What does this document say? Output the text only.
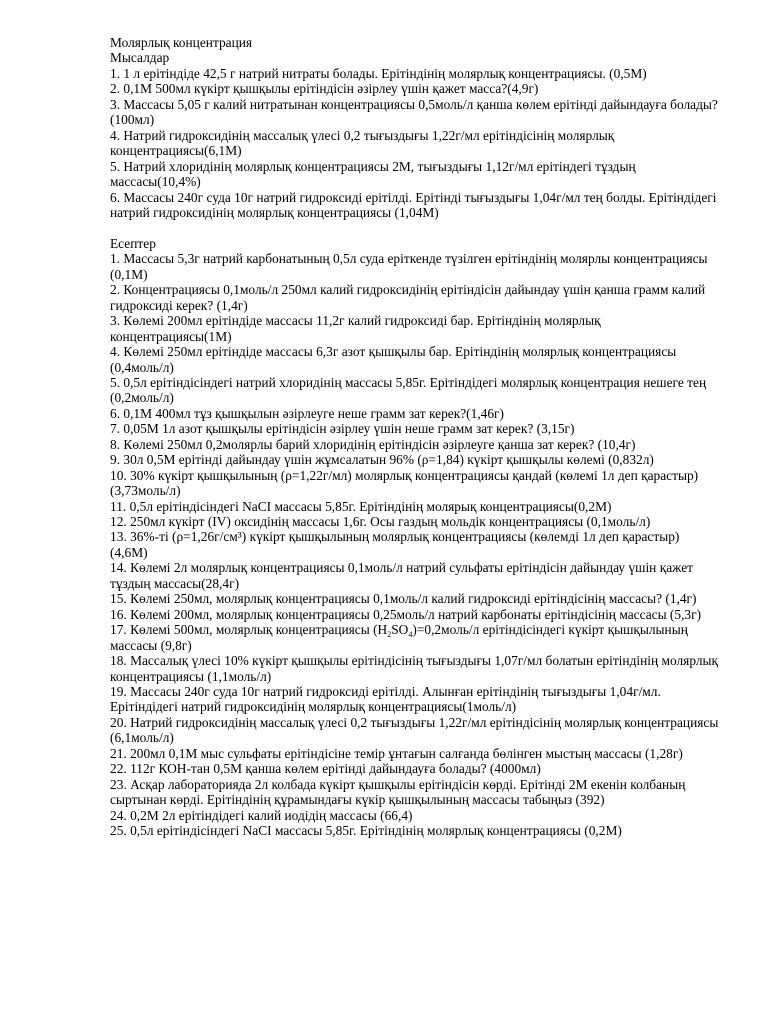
Молярлық концентрация

Мысалдар

1. 1 л ерітіндіде 42,5 г натрий нитраты болады. Ерітіндінің молярлық концентрациясы. (0,5М)

2. 0,1М 500мл күкірт қышқылы ерітіндісін әзірлеу үшін қажет масса?(4,9г)

3. Массасы 5,05 г калий нитратынан концентрациясы 0,5моль/л қанша көлем ерітінді дайындауға болады?(100мл)

4. Натрий гидроксидінің массалық үлесі 0,2 тығыздығы 1,22г/мл ерітіндісінің молярлық концентрациясы(6,1М)

5. Натрий хлоридінің молярлық концентрациясы 2М, тығыздығы 1,12г/мл ерітіндегі тұздың массасы(10,4%)

6. Массасы 240г суда 10г натрий гидроксиді ерітілді. Ерітінді тығыздығы 1,04г/мл тең болды. Ерітіндідегі натрий гидроксидінің молярлық концентрациясы (1,04М)

Есептер

1. Массасы 5,3г натрий карбонатының 0,5л суда еріткенде түзілген ерітіндінің молярлы концентрациясы (0,1М)

2. Концентрациясы 0,1моль/л 250мл калий гидроксидінің ерітіндісін дайындау үшін қанша грамм калий гидроксиді керек? (1,4г)

3. Көлемі 200мл ерітіндіде массасы 11,2г калий гидроксиді бар. Ерітіндінің молярлық концентрациясы(1М)

4. Көлемі 250мл ерітіндіде массасы 6,3г азот қышқылы бар. Ерітіндінің молярлық концентрациясы (0,4моль/л)

5. 0,5л ерітіндісіндегі натрий хлоридінің массасы 5,85г. Ерітіндідегі молярлық концентрация нешеге тең (0,2моль/л)

6. 0,1М 400мл тұз қышқылын әзірлеуге неше грамм зат керек?(1,46г)

7. 0,05М 1л азот қышқылы ерітіндісін әзірлеу үшін неше грамм зат керек? (3,15г)

8. Көлемі 250мл 0,2молярлы барий хлоридінің ерітіндісін әзірлеуге қанша зат керек? (10,4г)

9. 30л 0,5М ерітінді дайындау үшін жұмсалатын 96% (ρ=1,84) күкірт қышқылы көлемі (0,832л)

10. 30% күкірт қышқылының (ρ=1,22г/мл) молярлық концентрациясы қандай (көлемі 1л деп қарастыр) (3,73моль/л)

11. 0,5л ерітіндісіндегі NaCI массасы 5,85г. Ерітіндінің молярық концентрациясы(0,2М)

12. 250мл күкірт (IV) оксидінің массасы 1,6г. Осы газдың мольдік концентрациясы (0,1моль/л)

13. 36%-ті (ρ=1,26г/см³) күкірт қышқылының молярлық концентрациясы (көлемді 1л деп қарастыр) (4,6М)

14. Көлемі 2л молярлық концентрациясы 0,1моль/л натрий сульфаты ерітіндісін дайындау үшін қажет тұздың массасы(28,4г)

15. Көлемі 250мл, молярлық концентрациясы 0,1моль/л калий гидроксиді ерітіндісінің массасы? (1,4г)

16. Көлемі 200мл, молярлық концентрациясы 0,25моль/л натрий карбонаты ерітіндісінің массасы (5,3г)

17. Көлемі 500мл, молярлық концентрациясы $(H_2SO_4)=0,2моль/л$ ерітіндісіндегі күкірт қышқылының массасы (9,8г)

18. Массалық үлесі 10% күкірт қышқылы ерітіндісінің тығыздығы 1,07г/мл болатын ерітіндінің молярлық концентрациясы (1,1моль/л)

19. Массасы 240г суда 10г натрий гидроксиді ерітілді. Алынған ерітіндінің тығыздығы 1,04г/мл. Ерітіндідегі натрий гидроксидінің молярлық концентрациясы(1моль/л)

20. Натрий гидроксидінің массалық үлесі 0,2 тығыздығы 1,22г/мл ерітіндісінің молярлық концентрациясы (6,1моль/л)

21. 200мл 0,1М мыс сульфаты ерітіндісіне темір ұнтағын салғанда бөлінген мыстың массасы (1,28г)

22. 112г КОН-тан 0,5М қанша көлем ерітінді дайындауға болады? (4000мл)

23. Асқар лабораторияда 2л колбада күкірт қышқылы ерітіндісін көрді. Ерітінді 2М екенін колбаның сыртынан көрді. Ерітіндінің құрамындағы күкір қышқылының массасы табыңыз (392)

24. 0,2М 2л ерітіндідегі калий иодідің массасы (66,4)

25. 0,5л ерітіндісіндегі NaCI массасы 5,85г. Ерітіндінің молярлық концентрациясы (0,2М)
